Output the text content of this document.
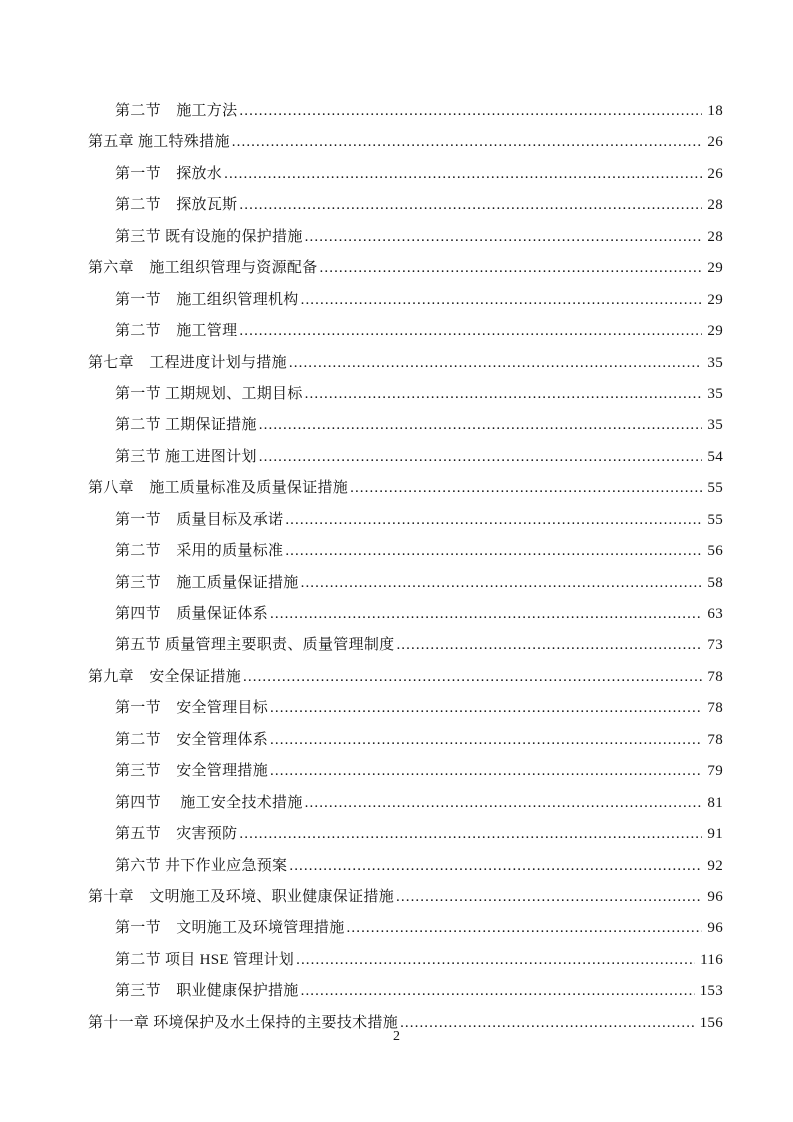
第二节　施工方法 .....	18
第五章 施工特殊措施 .....	26
第一节　探放水 .....	26
第二节　探放瓦斯 .....	28
第三节 既有设施的保护措施 .....	28
第六章　施工组织管理与资源配备 .....	29
第一节　施工组织管理机构 .....	29
第二节　施工管理 .....	29
第七章　工程进度计划与措施 .....	35
第一节 工期规划、工期目标 .....	35
第二节 工期保证措施 .....	35
第三节 施工进图计划 .....	54
第八章　施工质量标准及质量保证措施 .....	55
第一节　质量目标及承诺 .....	55
第二节　采用的质量标准 .....	56
第三节　施工质量保证措施 .....	58
第四节　质量保证体系 .....	63
第五节 质量管理主要职责、质量管理制度 .....	73
第九章　安全保证措施 .....	78
第一节　安全管理目标 .....	78
第二节　安全管理体系 .....	78
第三节　安全管理措施 .....	79
第四节　 施工安全技术措施 .....	81
第五节　灾害预防 .....	91
第六节 井下作业应急预案 .....	92
第十章　文明施工及环境、职业健康保证措施 .....	96
第一节　文明施工及环境管理措施 .....	96
第二节 项目 HSE 管理计划 .....	116
第三节　职业健康保护措施 .....	153
第十一章 环境保护及水土保持的主要技术措施 .....	156
2
